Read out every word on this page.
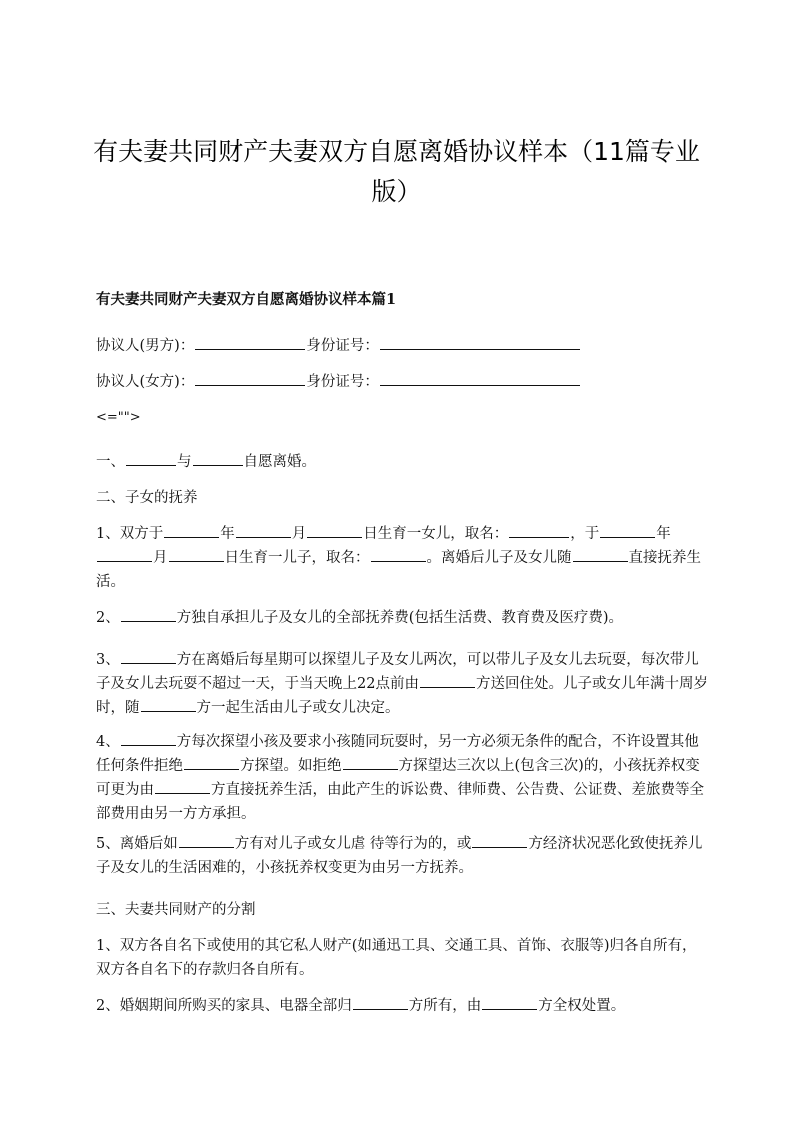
有夫妻共同财产夫妻双方自愿离婚协议样本（11篇专业版）
有夫妻共同财产夫妻双方自愿离婚协议样本篇1

协议人(男方)：	身份证号：

协议人(女方)：	身份证号：

<="">

一、	与	自愿离婚。

二、子女的抚养

1、双方于	年	月	日生育一女儿，取名：	，于	年月	日生育一儿子，取名：	。离婚后儿子及女儿随	直接抚养生活。

2、	方独自承担儿子及女儿的全部抚养费(包括生活费、教育费及医疗费)。

3、	方在离婚后每星期可以探望儿子及女儿两次，可以带儿子及女儿去玩耍，每次带儿子及女儿去玩耍不超过一天，于当天晚上22点前由	方送回住处。儿子或女儿年满十周岁时，随	方一起生活由儿子或女儿决定。

4、	方每次探望小孩及要求小孩随同玩耍时，另一方必须无条件的配合，不许设置其他任何条件拒绝	方探望。如拒绝	方探望达三次以上(包含三次)的，小孩抚养权变可更为由	方直接抚养生活，由此产生的诉讼费、律师费、公告费、公证费、差旅费等全部费用由另一方方承担。

5、离婚后如	方有对儿子或女儿虐 待等行为的，或	方经济状况恶化致使抚养儿子及女儿的生活困难的，小孩抚养权变更为由另一方抚养。

三、夫妻共同财产的分割

1、双方各自名下或使用的其它私人财产(如通迅工具、交通工具、首饰、衣服等)归各自所有，双方各自名下的存款归各自所有。

2、婚姻期间所购买的家具、电器全部归	方所有，由	方全权处置。
